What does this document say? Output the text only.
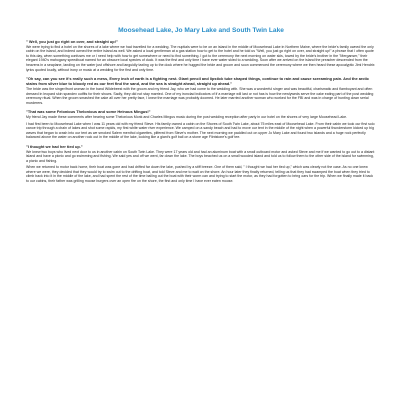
Moosehead Lake, Jo Mary Lake and South Twin Lake
" Well, you just go right on over, and straight up!"

We were trying to find a hotel on the shores of a lake where we had travelled for a wedding. The nuptials were to be on an island in the middle of Moosehead Lake in Northern Maine, where the bride's family owned the only cabin on the island, and indeed owned the entire island as well. We asked a local gentleman at a gas station how to get to the hotel and he told us "Well, you just go right on over, and straight up!" a phrase that I often quote to this day, when something confuses me or I need help with how to get somewhere or need to find something. I got to the ceremony the next morning on water skis, towed by the bride's brother in the "Merganser," their elegant 1940's mahogany speedboat named for an obscure local species of duck. It was the first and only time I have ever water skied to a wedding. Soon after we arrived on the island the preacher descended from the heavens in a seaplane, landing on the water just offshore and languidly taxiing up to the dock where he hugged the bride and groom and soon commenced the ceremony where we then heard these apocalyptic Jimi Hendrix lyrics quoted loudly, without irony or music at a wedding for the first and only time.

"Oh say, can you see it's really such a mess, Every inch of earth is a fighting nest. Giant pencil and lipstick tube shaped things, continue to rain and cause screaming pain. And the arctic stains from silver blue to bloody red as our feet find the sand, and the sea is straight ahead, straight up ahead."

The bride was the singer/front woman in the band Wildebeest with the groom and my friend Jay, who we had come to the wedding with. She was a wonderful singer and was beautiful, charismatic and flamboyant and often dressed in leopard skin spandex outfits for their shows. Sadly, they did not stay married. One of my ironclad indicators of if a marriage will last or not has is how the newlyweds serve the cake eating part of the post wedding ceremony ritual. When the groom smashed the cake all over her pretty face, I knew the marriage was probably doomed. He later married another woman who worked for the FBI and was in charge of hunting down serial murderers.

"That was some Felonious Thelonious and some Heinous Mingus!"

My friend Jay made these comments after hearing some Thelonious Monk and Charles Mingus music during the post wedding reception after party in our hotel on the shores of very large Moosehead Lake.

I had first been to Moosehead Lake when I was 11 years old with my friend Steve. His family owned a cabin on the Shores of South Twin Lake, about 75 miles east of Moosehead Lake. From their cabin we took our first solo canoe trip through a chain of lakes and shot some rapids, my first white water river experience. We camped on a sandy beach and had to move our tent in the middle of the night when a powerful thunderstorm kicked up big waves that began to crash into our tent as we smoked Salem menthol cigarettes, pilfered from Steve's mother. The next morning we paddled out on upper Jo Mary Lake and found two islands and a huge rock perfectly balanced above the water on another rock out in the middle of the lake, looking like a giant's golf ball on a stone age Flintstone's golf tee.

"I thought we had her tied up."

We knew two boys who lived next door to us in another cabin on South Twin Lake. They were 17 years old and had an aluminum boat with a small outboard motor and asked Steve and me if we wanted to go out to a distant island and have a picnic and go swimming and fishing. We said yes and off we went, far down the lake. The boys beached us on a small wooded island and told us to follow them to the other side of the island for swimming, a picnic and fishing.

When we returned to motor back home, their boat was gone and had drifted far down the lake, pushed by a stiff breeze. One of them said, " I thought we had her tied up," which was clearly not the case. As no one knew where we were, they decided that they would try to swim out to the drifting boat, and told Steve and me to wait on the shore. An hour later they finally returned, telling us that they had swamped the boat when they tried to climb back into it in the middle of the lake, and had spent the rest of the time bailing out the boat with their worm can and trying to start the motor, as they had forgotten to bring oars for the trip. When we finally made it back to our cabins, their father was grilling moose burgers over an open fire on the shore, the first and only time I have ever eaten moose.
